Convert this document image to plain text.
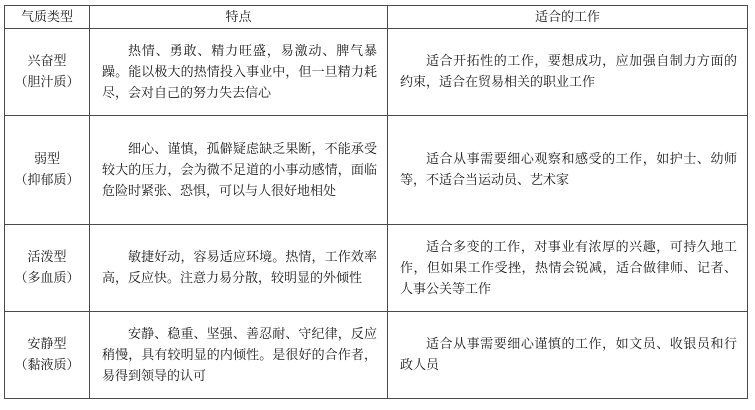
气质类型	特点	适合的工作

兴奋型
（胆汁质）	热情、勇敢、精力旺盛，易激动、脾气暴躁。能以极大的热情投入事业中，但一旦精力耗尽，会对自己的努力失去信心	适合开拓性的工作，要想成功，应加强自制力方面的约束，适合在贸易相关的职业工作

弱型
（抑郁质）	细心、谨慎，孤僻疑虑缺乏果断，不能承受较大的压力，会为微不足道的小事动感情，面临危险时紧张、恐惧，可以与人很好地相处	适合从事需要细心观察和感受的工作，如护士、幼师等，不适合当运动员、艺术家

活泼型
（多血质）	敏捷好动，容易适应环境。热情，工作效率高，反应快。注意力易分散，较明显的外倾性	适合多变的工作，对事业有浓厚的兴趣，可持久地工作，但如果工作受挫，热情会锐减，适合做律师、记者、人事公关等工作

安静型
（黏液质）	安静、稳重、坚强、善忍耐、守纪律，反应稍慢，具有较明显的内倾性。是很好的合作者，易得到领导的认可	适合从事需要细心谨慎的工作，如文员、收银员和行政人员
